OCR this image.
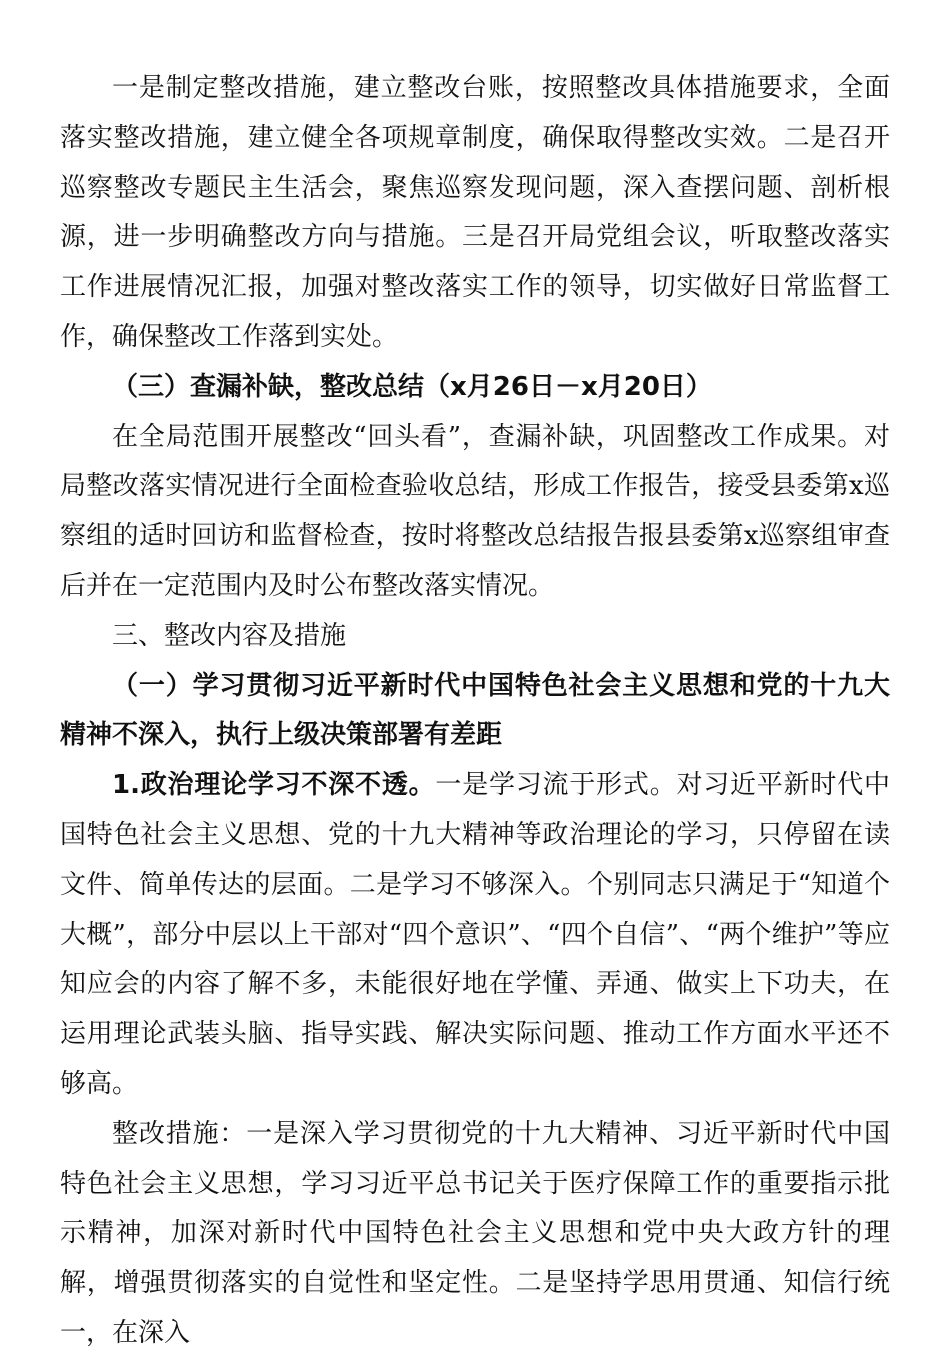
一是制定整改措施，建立整改台账，按照整改具体措施要求，全面落实整改措施，建立健全各项规章制度，确保取得整改实效。二是召开巡察整改专题民主生活会，聚焦巡察发现问题，深入查摆问题、剖析根源，进一步明确整改方向与措施。三是召开局党组会议，听取整改落实工作进展情况汇报，加强对整改落实工作的领导，切实做好日常监督工作，确保整改工作落到实处。

（三）查漏补缺，整改总结（x月26日－x月20日）

在全局范围开展整改“回头看”，查漏补缺，巩固整改工作成果。对局整改落实情况进行全面检查验收总结，形成工作报告，接受县委第x巡察组的适时回访和监督检查，按时将整改总结报告报县委第x巡察组审查后并在一定范围内及时公布整改落实情况。

三、整改内容及措施

（一）学习贯彻习近平新时代中国特色社会主义思想和党的十九大精神不深入，执行上级决策部署有差距

1.政治理论学习不深不透。一是学习流于形式。对习近平新时代中国特色社会主义思想、党的十九大精神等政治理论的学习，只停留在读文件、简单传达的层面。二是学习不够深入。个别同志只满足于“知道个大概”，部分中层以上干部对“四个意识”、“四个自信”、“两个维护”等应知应会的内容了解不多，未能很好地在学懂、弄通、做实上下功夫，在运用理论武装头脑、指导实践、解决实际问题、推动工作方面水平还不够高。

整改措施：一是深入学习贯彻党的十九大精神、习近平新时代中国特色社会主义思想，学习习近平总书记关于医疗保障工作的重要指示批示精神，加深对新时代中国特色社会主义思想和党中央大政方针的理解，增强贯彻落实的自觉性和坚定性。二是坚持学思用贯通、知信行统一，在深入
